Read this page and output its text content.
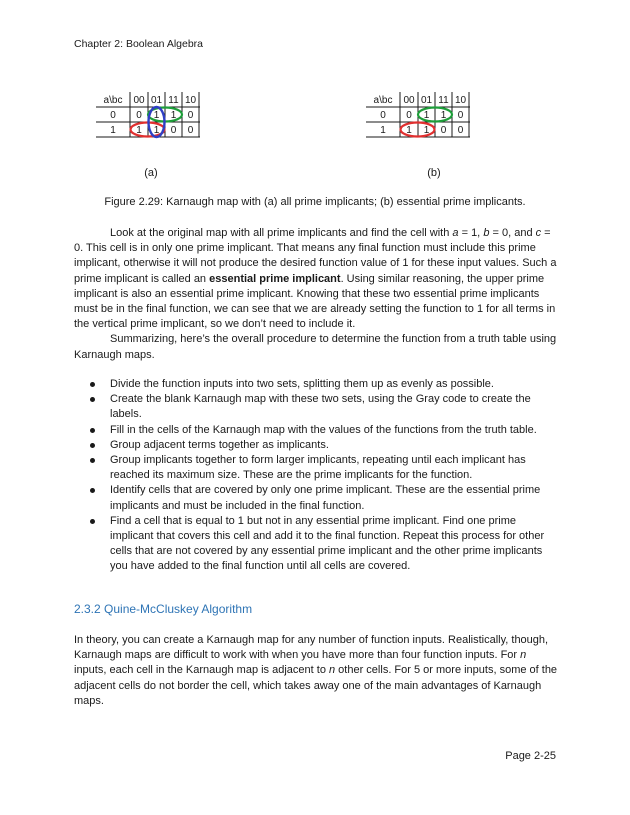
Chapter 2: Boolean Algebra
a\bc 00 01 11 10
0
1
0 1 1 0
1 1 0 0
(a)
a\bc 00 01 11 10
0
1
0 1 1 0
1 1 0 0
(b)
Figure 2.29: Karnaugh map with (a) all prime implicants; (b) essential prime implicants.

Look at the original map with all prime implicants and find the cell with a = 1, b = 0, and c = 0. This cell is in only one prime implicant. That means any final function must include this prime implicant, otherwise it will not produce the desired function value of 1 for these input values. Such a prime implicant is called an essential prime implicant. Using similar reasoning, the upper prime implicant is also an essential prime implicant. Knowing that these two essential prime implicants must be in the final function, we can see that we are already setting the function to 1 for all terms in the vertical prime implicant, so we don’t need to include it.

Summarizing, here’s the overall procedure to determine the function from a truth table using Karnaugh maps.

Divide the function inputs into two sets, splitting them up as evenly as possible.
Create the blank Karnaugh map with these two sets, using the Gray code to create the labels.
Fill in the cells of the Karnaugh map with the values of the functions from the truth table.
Group adjacent terms together as implicants.
Group implicants together to form larger implicants, repeating until each implicant has reached its maximum size. These are the prime implicants for the function.
Identify cells that are covered by only one prime implicant. These are the essential prime implicants and must be included in the final function.
Find a cell that is equal to 1 but not in any essential prime implicant. Find one prime implicant that covers this cell and add it to the final function. Repeat this process for other cells that are not covered by any essential prime implicant and the other prime implicants you have added to the final function until all cells are covered.
2.3.2 Quine-McCluskey Algorithm

In theory, you can create a Karnaugh map for any number of function inputs. Realistically, though, Karnaugh maps are difficult to work with when you have more than four function inputs. For n inputs, each cell in the Karnaugh map is adjacent to n other cells. For 5 or more inputs, some of the adjacent cells do not border the cell, which takes away one of the main advantages of Karnaugh maps.

Page 2-25
